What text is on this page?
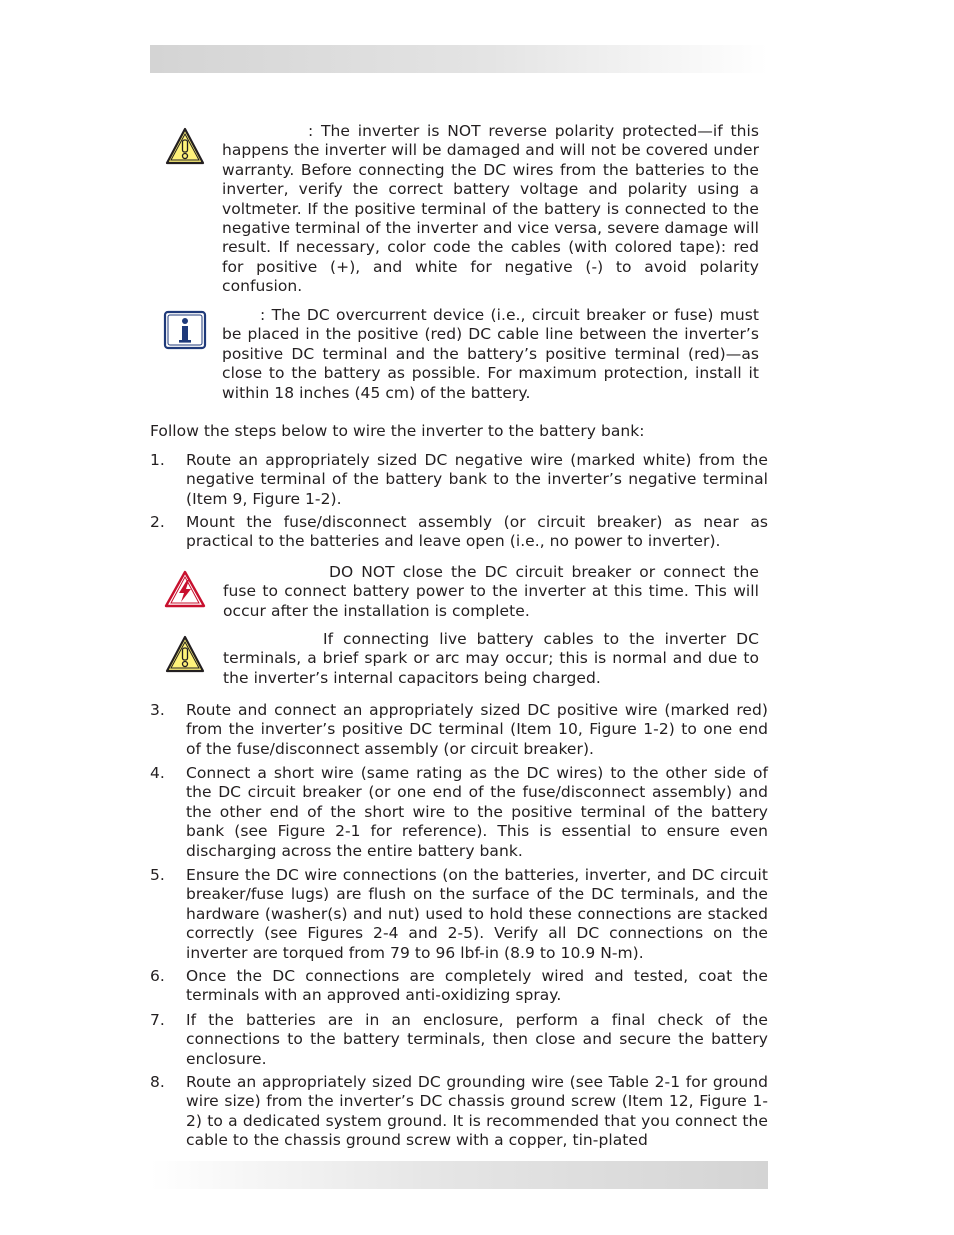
: The inverter is NOT reverse polarity protected—if this happens the inverter will be damaged and will not be covered under warranty. Before connecting the DC wires from the batteries to the inverter, verify the correct battery voltage and polarity using a voltmeter. If the positive terminal of the battery is connected to the negative terminal of the inverter and vice versa, severe damage will result. If necessary, color code the cables (with colored tape): red for positive (+), and white for negative (-) to avoid polarity confusion.
: The DC overcurrent device (i.e., circuit breaker or fuse) must be placed in the positive (red) DC cable line between the inverter’s positive DC terminal and the battery’s positive terminal (red)—as close to the battery as possible. For maximum protection, install it within 18 inches (45 cm) of the battery.
Follow the steps below to wire the inverter to the battery bank:
1.	Route an appropriately sized DC negative wire (marked white) from the negative terminal of the battery bank to the inverter’s negative terminal (Item 9, Figure 1-2).
2.	Mount the fuse/disconnect assembly (or circuit breaker) as near as practical to the batteries and leave open (i.e., no power to inverter).
DO NOT close the DC circuit breaker or connect the fuse to connect battery power to the inverter at this time. This will occur after the installation is complete.
If connecting live battery cables to the inverter DC terminals, a brief spark or arc may occur; this is normal and due to the inverter’s internal capacitors being charged.
3.	Route and connect an appropriately sized DC positive wire (marked red) from the inverter’s positive DC terminal (Item 10, Figure 1-2) to one end of the fuse/disconnect assembly (or circuit breaker).
4.	Connect a short wire (same rating as the DC wires) to the other side of the DC circuit breaker (or one end of the fuse/disconnect assembly) and the other end of the short wire to the positive terminal of the battery bank (see Figure 2-1 for reference). This is essential to ensure even discharging across the entire battery bank.
5.	Ensure the DC wire connections (on the batteries, inverter, and DC circuit breaker/fuse lugs) are flush on the surface of the DC terminals, and the hardware (washer(s) and nut) used to hold these connections are stacked correctly (see Figures 2-4 and 2-5). Verify all DC connections on the inverter are torqued from 79 to 96 lbf-in (8.9 to 10.9 N-m).
6.	Once the DC connections are completely wired and tested, coat the terminals with an approved anti-oxidizing spray.
7.	If the batteries are in an enclosure, perform a final check of the connections to the battery terminals, then close and secure the battery enclosure.
8.	Route an appropriately sized DC grounding wire (see Table 2-1 for ground wire size) from the inverter’s DC chassis ground screw (Item 12, Figure 1-2) to a dedicated system ground. It is recommended that you connect the cable to the chassis ground screw with a copper, tin-plated
